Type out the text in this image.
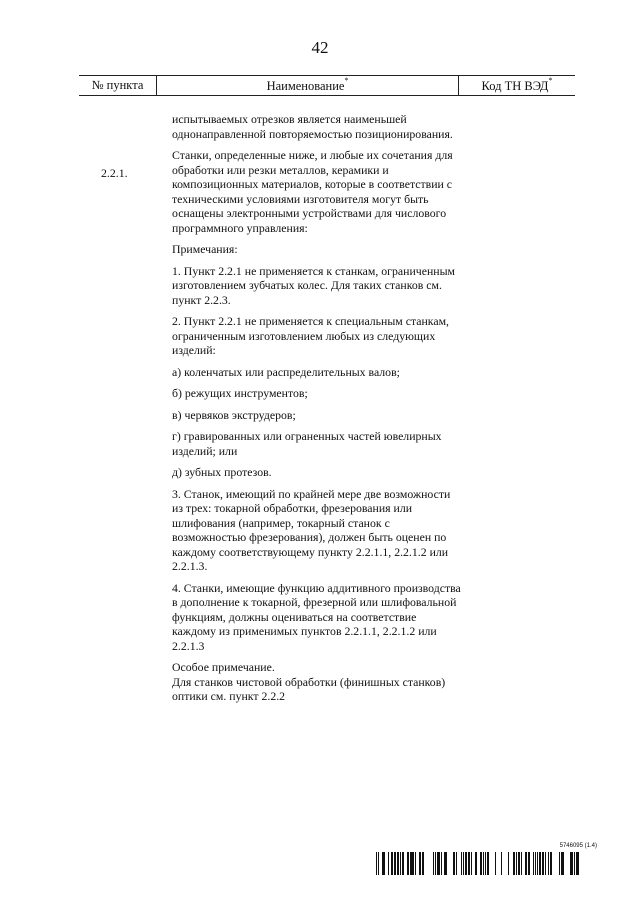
42
№ пункта	Наименование*	Код ТН ВЭД*
2.2.1.

испытываемых отрезков является наименьшей однонаправленной повторяемостью позиционирования.

Станки, определенные ниже, и любые их сочетания для обработки или резки металлов, керамики и композиционных материалов, которые в соответствии с техническими условиями изготовителя могут быть оснащены электронными устройствами для числового программного управления:

Примечания:

1. Пункт 2.2.1 не применяется к станкам, ограниченным изготовлением зубчатых колес. Для таких станков см. пункт 2.2.3.

2. Пункт 2.2.1 не применяется к специальным станкам, ограниченным изготовлением любых из следующих изделий:

а) коленчатых или распределительных валов;

б) режущих инструментов;

в) червяков экструдеров;

г) гравированных или ограненных частей ювелирных изделий; или

д) зубных протезов.

3. Станок, имеющий по крайней мере две возможности из трех: токарной обработки, фрезерования или шлифования (например, токарный станок с возможностью фрезерования), должен быть оценен по каждому соответствующему пункту 2.2.1.1, 2.2.1.2 или 2.2.1.3.

4. Станки, имеющие функцию аддитивного производства в дополнение к токарной, фрезерной или шлифовальной функциям, должны оцениваться на соответствие каждому из применимых пунктов 2.2.1.1, 2.2.1.2 или 2.2.1.3

Особое примечание.

Для станков чистовой обработки (финишных станков) оптики см. пункт 2.2.2

5746095 (1.4)
